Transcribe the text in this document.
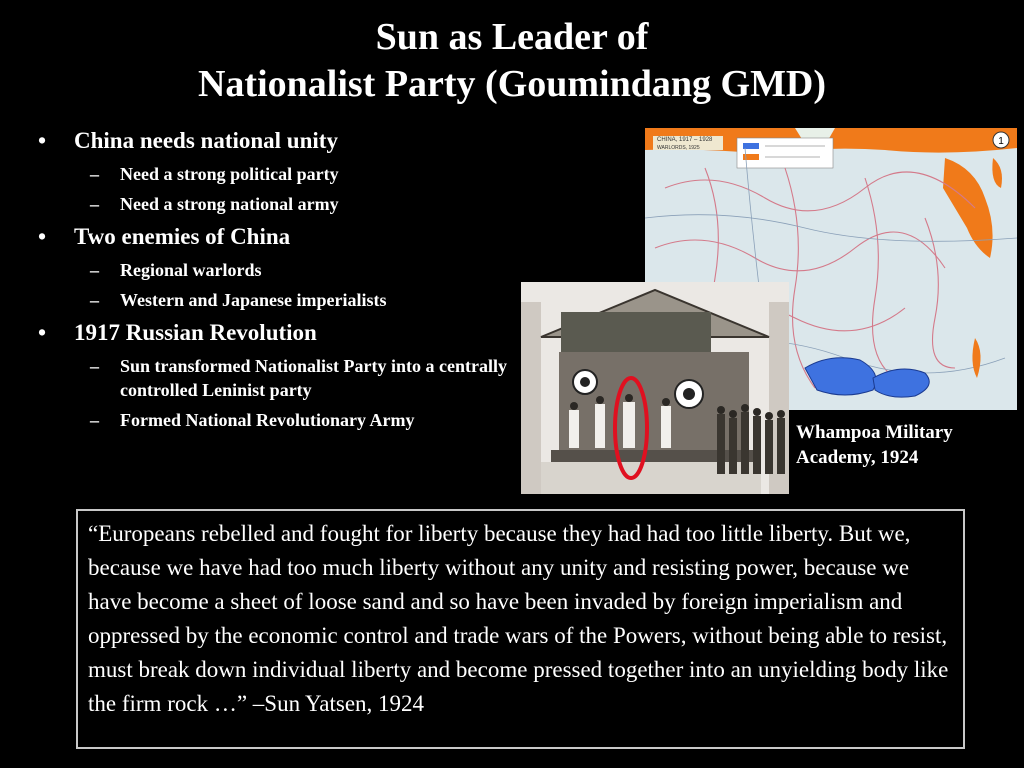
Sun as Leader of
Nationalist Party (Goumindang GMD)
• China needs national unity
– Need a strong political party
– Need a strong national army
• Two enemies of China
– Regional warlords
– Western and Japanese imperialists
• 1917 Russian Revolution
– Sun transformed Nationalist Party into a centrally controlled Leninist party
– Formed National Revolutionary Army
CHINA, 1917 – 1928
WARLORDS, 1925
1
Whampoa Military
Academy, 1924
“Europeans rebelled and fought for liberty because they had had too little liberty. But we, because we have had too much liberty without any unity and resisting power, because we have become a sheet of loose sand and so have been invaded by foreign imperialism and oppressed by the economic control and trade wars of the Powers, without being able to resist, must break down individual liberty and become pressed together into an unyielding body like the firm rock …” –Sun Yatsen, 1924
